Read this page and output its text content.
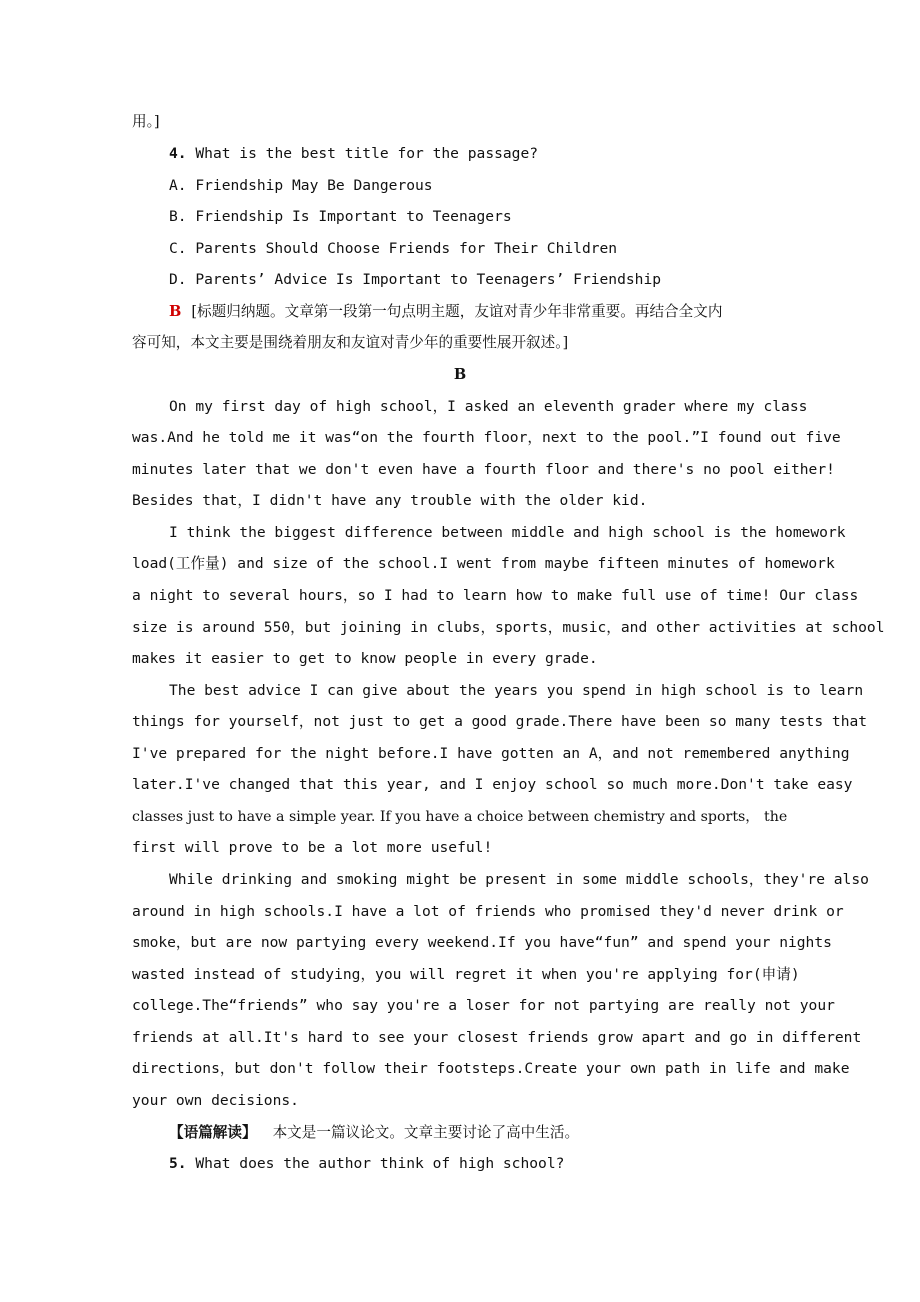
用。]
4. What is the best title for the passage?
A. Friendship May Be Dangerous
B. Friendship Is Important to Teenagers
C. Parents Should Choose Friends for Their Children
D. Parents’ Advice Is Important to Teenagers’ Friendship
B [标题归纳题。文章第一段第一句点明主题，友谊对青少年非常重要。再结合全文内
容可知，本文主要是围绕着朋友和友谊对青少年的重要性展开叙述。]
B
On my first day of high school，I asked an eleventh grader where my class
was.And he told me it was“on the fourth floor，next to the pool.”I found out five
minutes later that we don't even have a fourth floor and there's no pool either!
Besides that，I didn't have any trouble with the older kid.
I think the biggest difference between middle and high school is the homework
load(工作量) and size of the school.I went from maybe fifteen minutes of homework
a night to several hours，so I had to learn how to make full use of time! Our class
size is around 550，but joining in clubs，sports，music，and other activities at school
makes it easier to get to know people in every grade.
The best advice I can give about the years you spend in high school is to learn
things for yourself，not just to get a good grade.There have been so many tests that
I've prepared for the night before.I have gotten an A，and not remembered anything
later.I've changed that this year, and I enjoy school so much more.Don't take easy
classes just to have a simple year. If you have a choice between chemistry and sports， the
first will prove to be a lot more useful!
While drinking and smoking might be present in some middle schools，they're also
around in high schools.I have a lot of friends who promised they'd never drink or
smoke，but are now partying every weekend.If you have“fun” and spend your nights
wasted instead of studying，you will regret it when you're applying for(申请)
college.The“friends” who say you're a loser for not partying are really not your
friends at all.It's hard to see your closest friends grow apart and go in different
directions，but don't follow their footsteps.Create your own path in life and make
your own decisions.
【语篇解读】 本文是一篇议论文。文章主要讨论了高中生活。
5. What does the author think of high school?
